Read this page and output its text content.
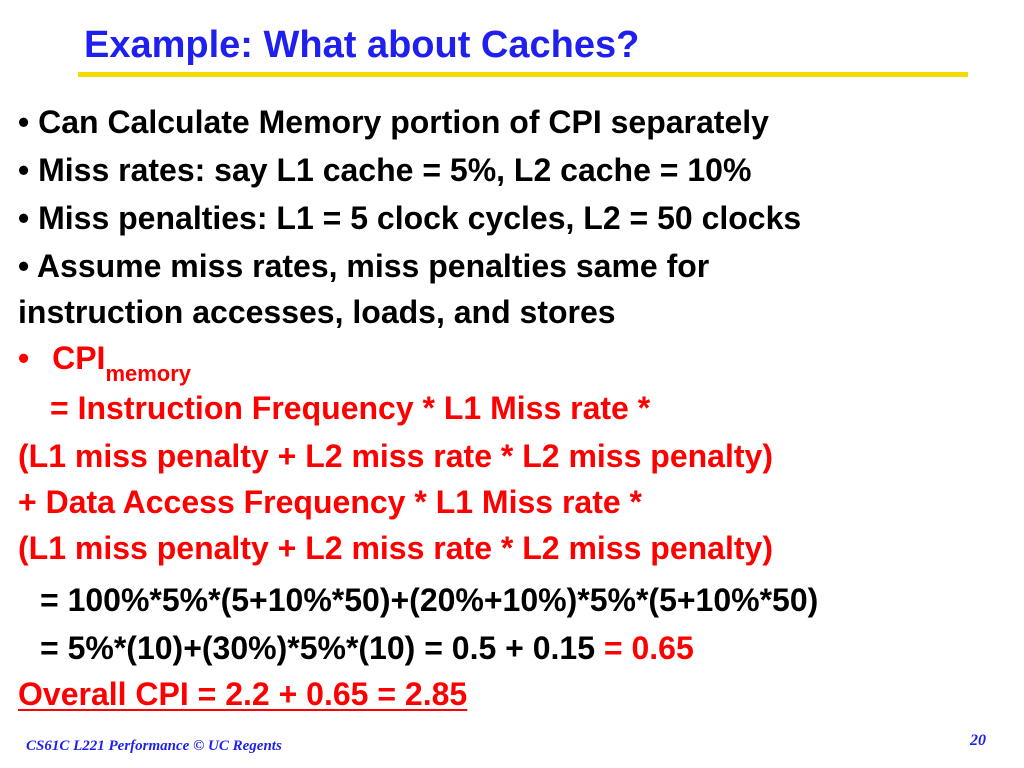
Example: What about Caches?
• Can Calculate Memory portion of CPI separately
• Miss rates: say L1 cache = 5%, L2 cache = 10%
• Miss penalties: L1 = 5 clock cycles, L2 = 50 clocks
• Assume miss rates, miss penalties same for
instruction accesses, loads, and stores
• $CPI_{memory}$
= Instruction Frequency * L1 Miss rate *
(L1 miss penalty + L2 miss rate * L2 miss penalty)
+ Data Access Frequency * L1 Miss rate *
(L1 miss penalty + L2 miss rate * L2 miss penalty)
= 100%*5%*(5+10%*50)+(20%+10%)*5%*(5+10%*50)
= 5%*(10)+(30%)*5%*(10) = 0.5 + 0.15 = 0.65
Overall CPI = 2.2 + 0.65 = 2.85
CS61C L221 Performance © UC Regents	20
